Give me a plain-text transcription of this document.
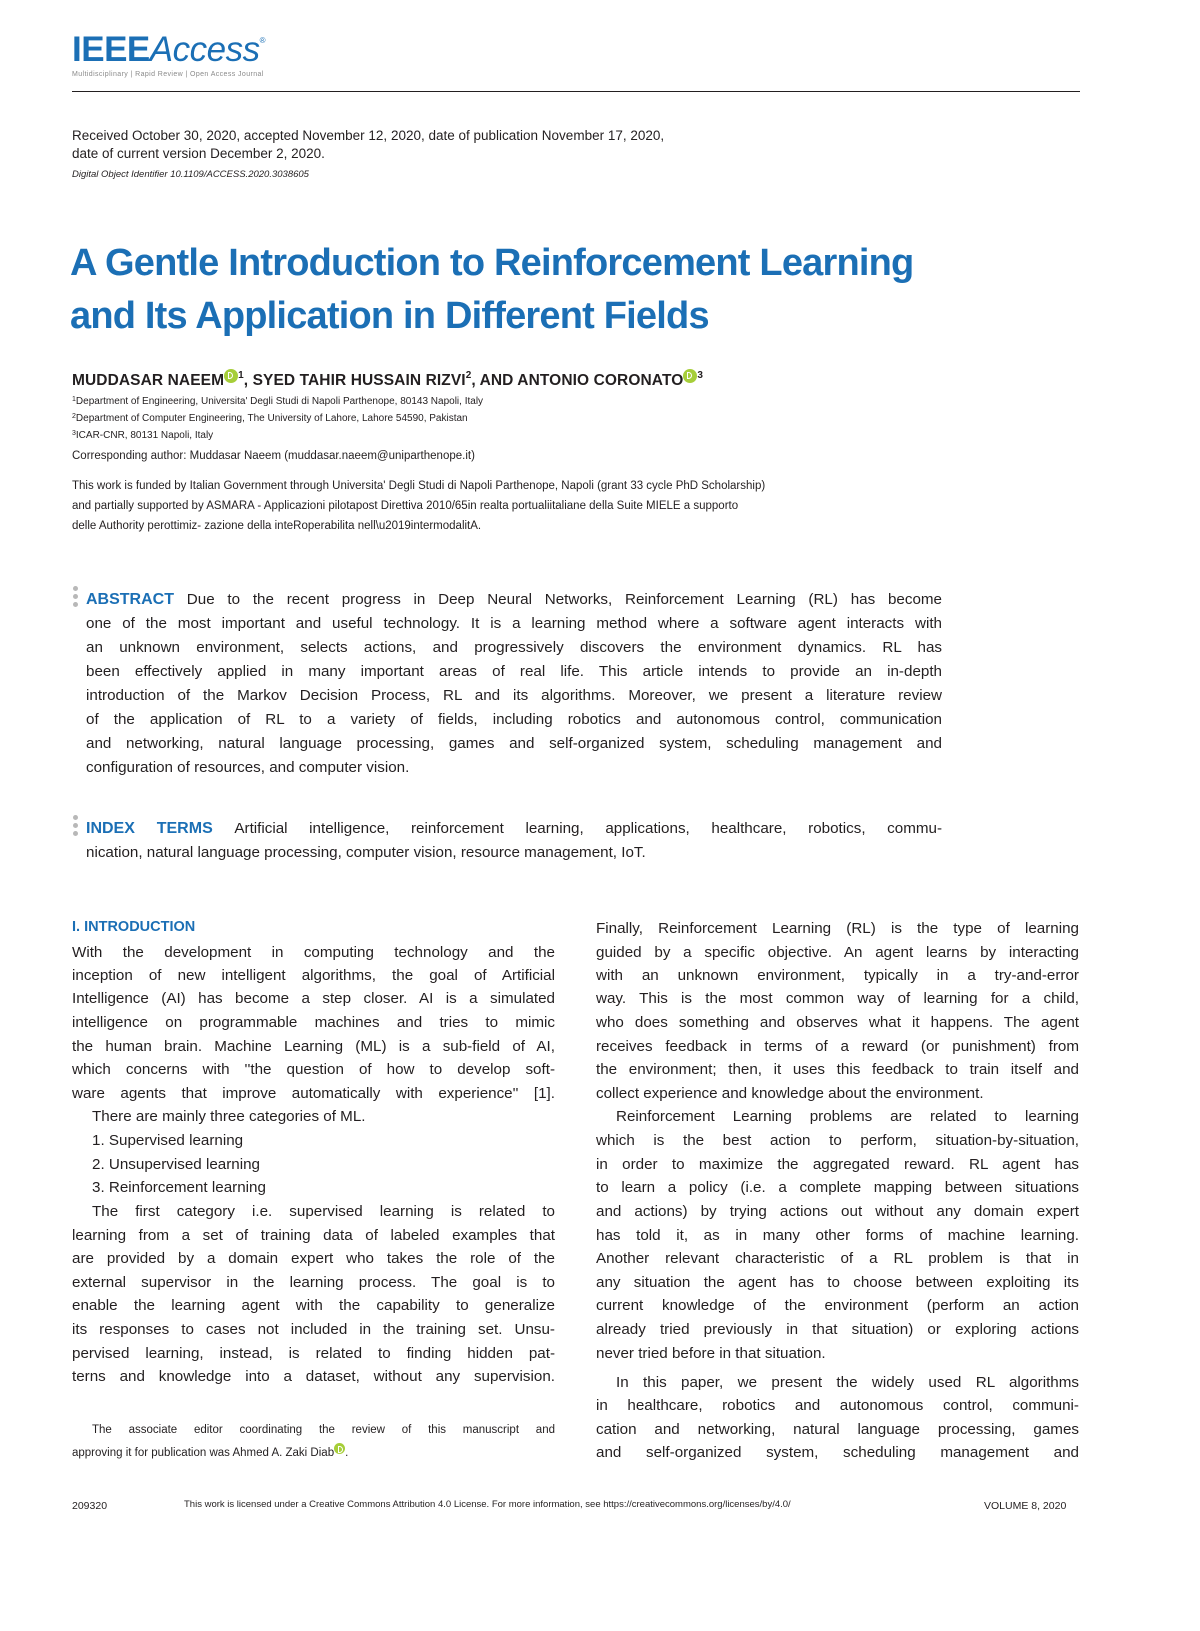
IEEEAccess®
Multidisciplinary | Rapid Review | Open Access Journal
Received October 30, 2020, accepted November 12, 2020, date of publication November 17, 2020,
date of current version December 2, 2020.
Digital Object Identifier 10.1109/ACCESS.2020.3038605
A Gentle Introduction to Reinforcement Learning
and Its Application in Different Fields
MUDDASAR NAEEM $^1$, SYED TAHIR HUSSAIN RIZVI$^2$, AND ANTONIO CORONATO $^3$
$^1$Department of Engineering, Universita' Degli Studi di Napoli Parthenope, 80143 Napoli, Italy
$^2$Department of Computer Engineering, The University of Lahore, Lahore 54590, Pakistan
$^3$ICAR-CNR, 80131 Napoli, Italy
Corresponding author: Muddasar Naeem (muddasar.naeem@uniparthenope.it)
This work is funded by Italian Government through Universita' Degli Studi di Napoli Parthenope, Napoli (grant 33 cycle PhD Scholarship)
and partially supported by ASMARA - Applicazioni pilotapost Direttiva 2010/65in realta portualiitaliane della Suite MIELE a supporto
delle Authority perottimiz- zazione della inteRoperabilita nell\u2019intermodalitA.
ABSTRACT Due to the recent progress in Deep Neural Networks, Reinforcement Learning (RL) has become
one of the most important and useful technology. It is a learning method where a software agent interacts with
an unknown environment, selects actions, and progressively discovers the environment dynamics. RL has
been effectively applied in many important areas of real life. This article intends to provide an in-depth
introduction of the Markov Decision Process, RL and its algorithms. Moreover, we present a literature review
of the application of RL to a variety of fields, including robotics and autonomous control, communication
and networking, natural language processing, games and self-organized system, scheduling management and
configuration of resources, and computer vision.
INDEX TERMS Artificial intelligence, reinforcement learning, applications, healthcare, robotics, commu-
nication, natural language processing, computer vision, resource management, IoT.
I. INTRODUCTION
With the development in computing technology and the
inception of new intelligent algorithms, the goal of Artificial
Intelligence (AI) has become a step closer. AI is a simulated
intelligence on programmable machines and tries to mimic
the human brain. Machine Learning (ML) is a sub-field of AI,
which concerns with ''the question of how to develop soft-
ware agents that improve automatically with experience'' [1].
There are mainly three categories of ML.
1. Supervised learning
2. Unsupervised learning
3. Reinforcement learning
The first category i.e. supervised learning is related to
learning from a set of training data of labeled examples that
are provided by a domain expert who takes the role of the
external supervisor in the learning process. The goal is to
enable the learning agent with the capability to generalize
its responses to cases not included in the training set. Unsu-
pervised learning, instead, is related to finding hidden pat-
terns and knowledge into a dataset, without any supervision.
The associate editor coordinating the review of this manuscript and
approving it for publication was Ahmed A. Zaki Diab .
Finally, Reinforcement Learning (RL) is the type of learning
guided by a specific objective. An agent learns by interacting
with an unknown environment, typically in a try-and-error
way. This is the most common way of learning for a child,
who does something and observes what it happens. The agent
receives feedback in terms of a reward (or punishment) from
the environment; then, it uses this feedback to train itself and
collect experience and knowledge about the environment.
Reinforcement Learning problems are related to learning
which is the best action to perform, situation-by-situation,
in order to maximize the aggregated reward. RL agent has
to learn a policy (i.e. a complete mapping between situations
and actions) by trying actions out without any domain expert
has told it, as in many other forms of machine learning.
Another relevant characteristic of a RL problem is that in
any situation the agent has to choose between exploiting its
current knowledge of the environment (perform an action
already tried previously in that situation) or exploring actions
never tried before in that situation.
In this paper, we present the widely used RL algorithms
in healthcare, robotics and autonomous control, communi-
cation and networking, natural language processing, games
and self-organized system, scheduling management and
209320	This work is licensed under a Creative Commons Attribution 4.0 License. For more information, see https://creativecommons.org/licenses/by/4.0/	VOLUME 8, 2020
